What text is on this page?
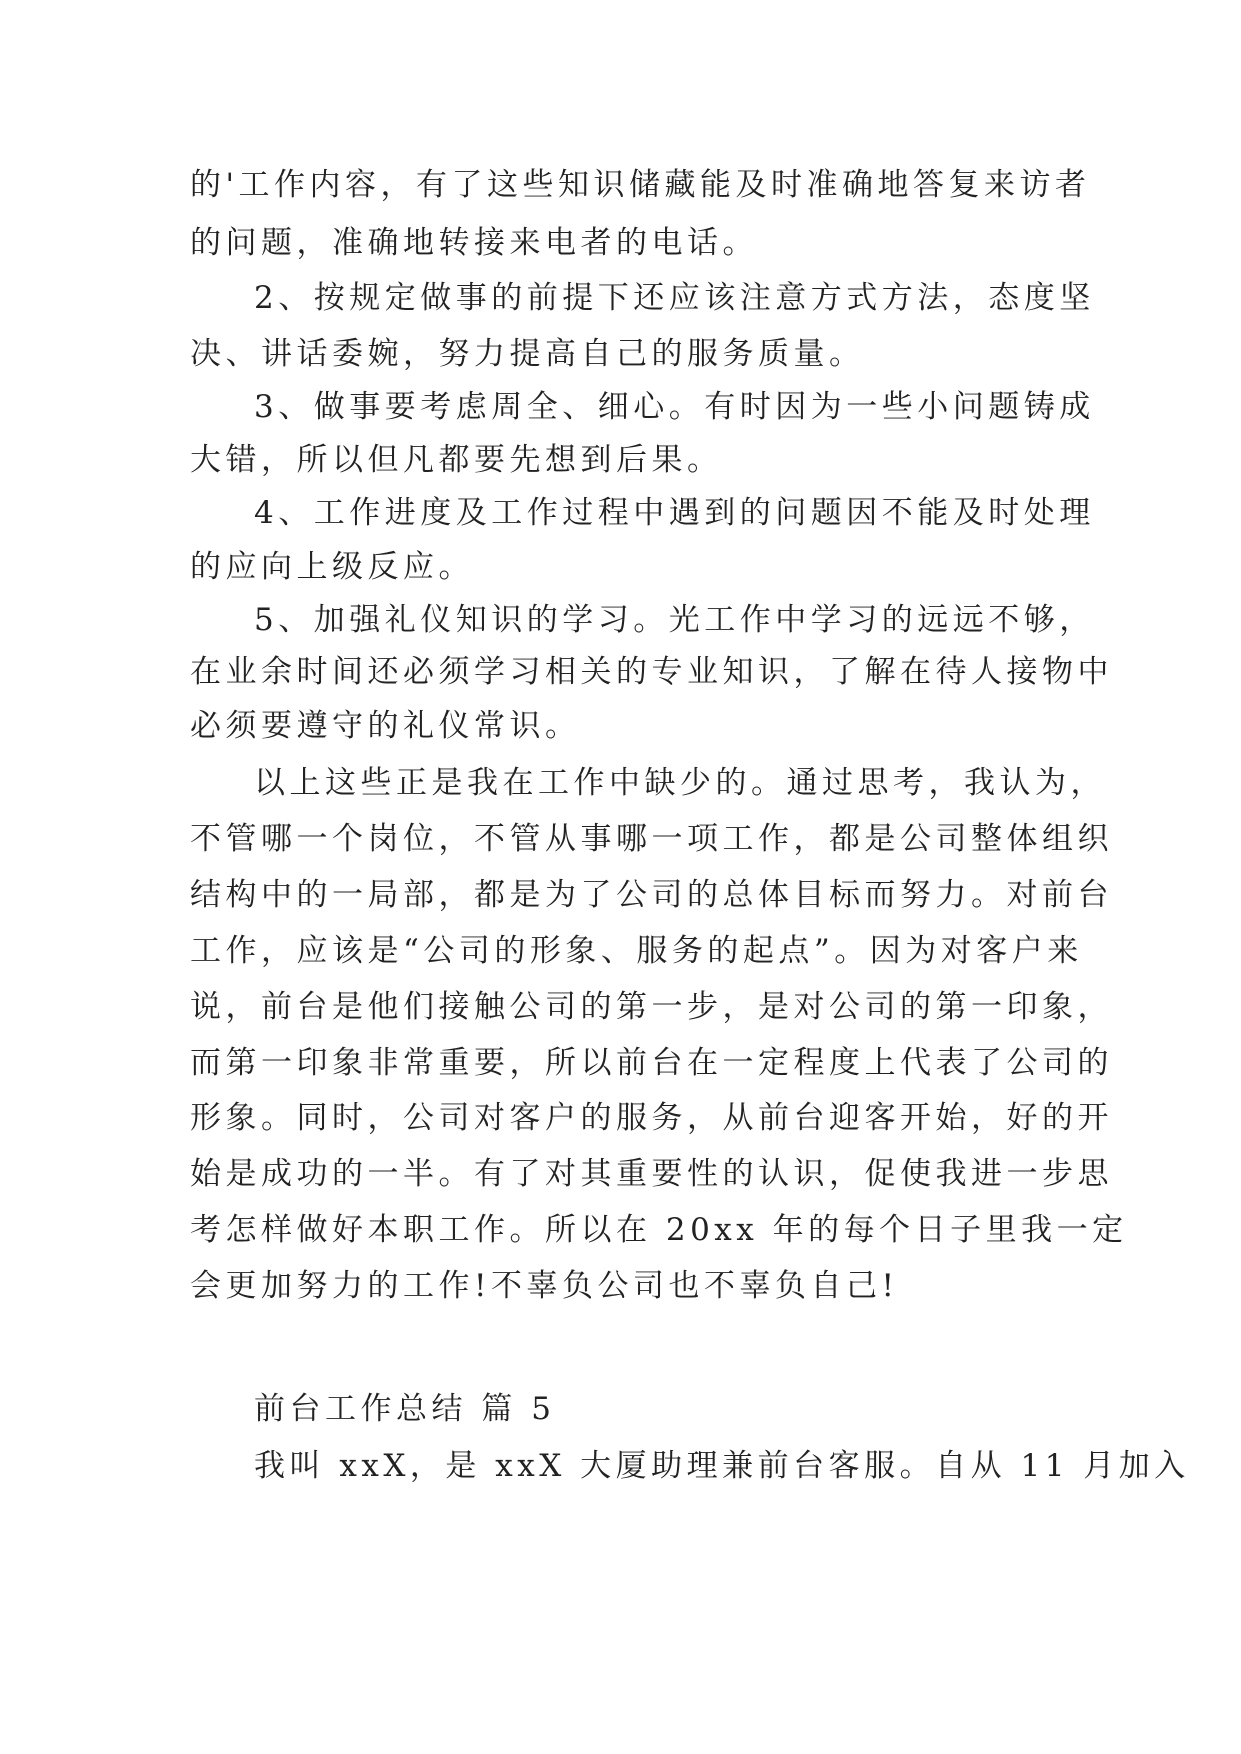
的'工作内容，有了这些知识储藏能及时准确地答复来访者
的问题，准确地转接来电者的电话。
2、按规定做事的前提下还应该注意方式方法，态度坚
决、讲话委婉，努力提高自己的服务质量。
3、做事要考虑周全、细心。有时因为一些小问题铸成
大错，所以但凡都要先想到后果。
4、工作进度及工作过程中遇到的问题因不能及时处理
的应向上级反应。
5、加强礼仪知识的学习。光工作中学习的远远不够，
在业余时间还必须学习相关的专业知识，了解在待人接物中
必须要遵守的礼仪常识。
以上这些正是我在工作中缺少的。通过思考，我认为，
不管哪一个岗位，不管从事哪一项工作，都是公司整体组织
结构中的一局部，都是为了公司的总体目标而努力。对前台
工作，应该是“公司的形象、服务的起点”。因为对客户来
说，前台是他们接触公司的第一步，是对公司的第一印象，
而第一印象非常重要，所以前台在一定程度上代表了公司的
形象。同时，公司对客户的服务，从前台迎客开始，好的开
始是成功的一半。有了对其重要性的认识，促使我进一步思
考怎样做好本职工作。所以在 20xx 年的每个日子里我一定
会更加努力的工作!不辜负公司也不辜负自己!
前台工作总结 篇 5
我叫 xxX，是 xxX 大厦助理兼前台客服。自从 11 月加入
